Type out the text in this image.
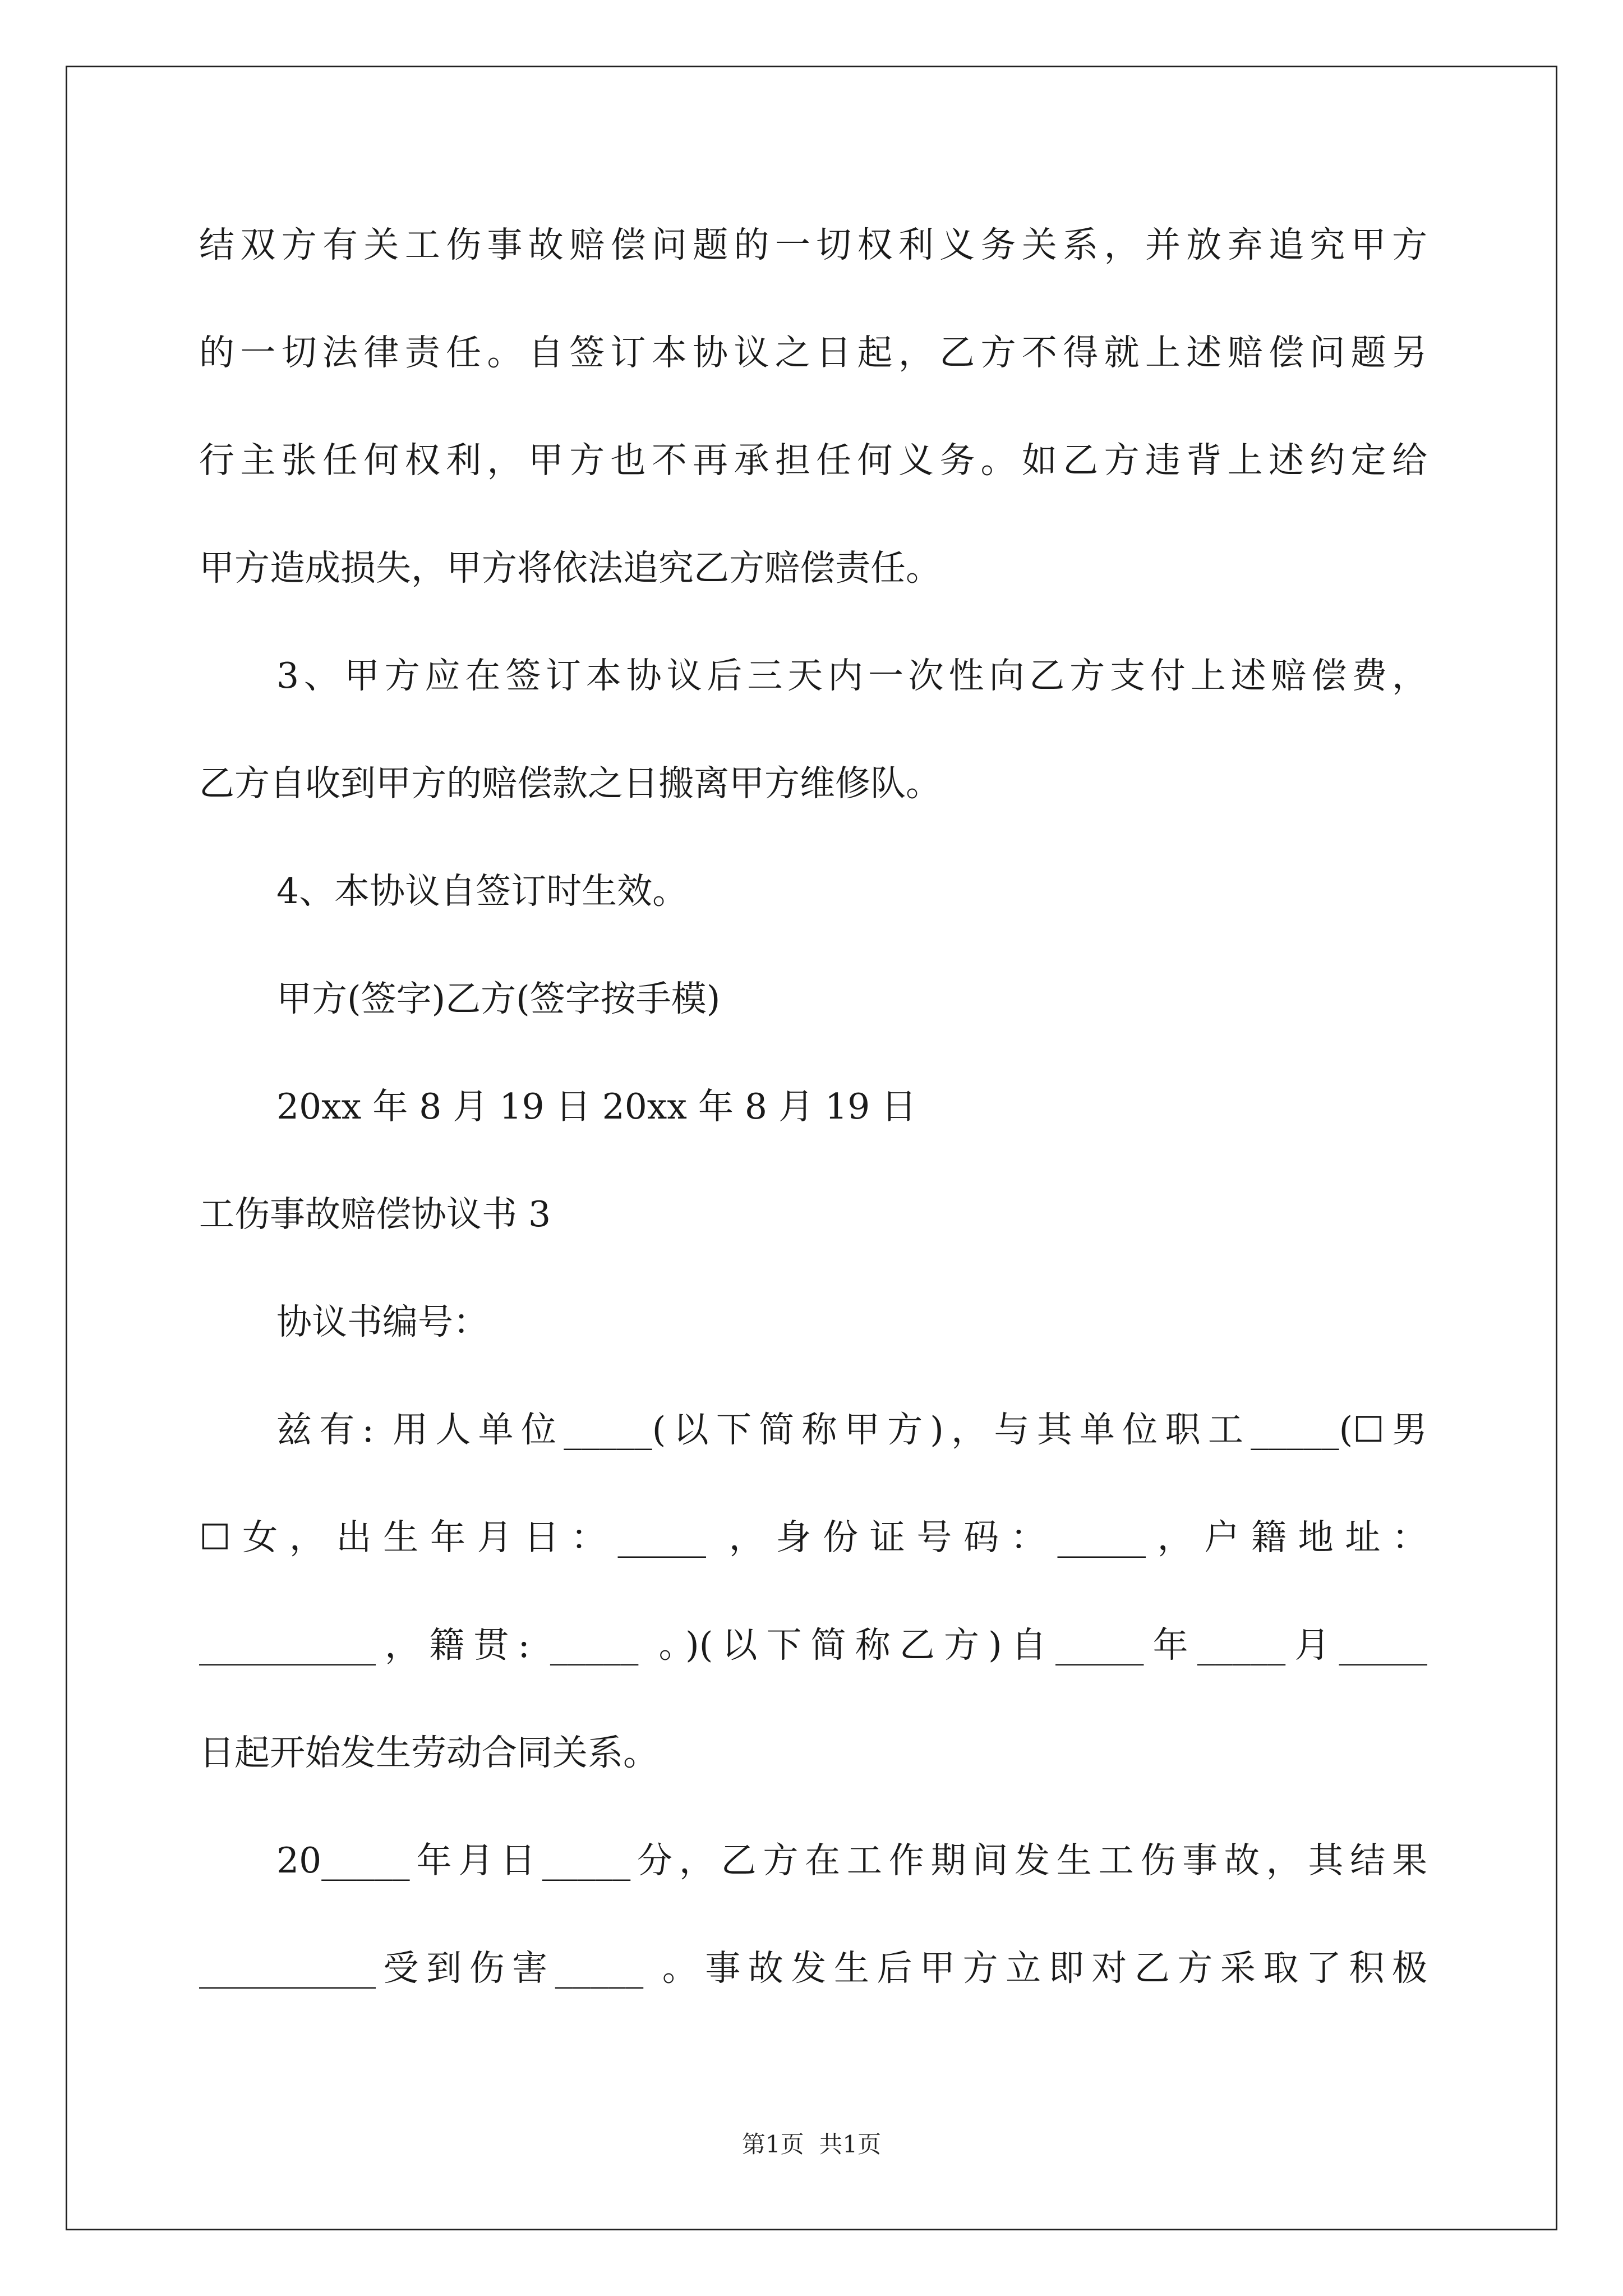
结双方有关工伤事故赔偿问题的一切权利义务关系，并放弃追究甲方
的一切法律责任。自签订本协议之日起，乙方不得就上述赔偿问题另
行主张任何权利，甲方也不再承担任何义务。如乙方违背上述约定给
甲方造成损失，甲方将依法追究乙方赔偿责任。
3、甲方应在签订本协议后三天内一次性向乙方支付上述赔偿费，
乙方自收到甲方的赔偿款之日搬离甲方维修队。
4、本协议自签订时生效。
甲方(签字)乙方(签字按手模)
20xx 年 8 月 19 日 20xx 年 8 月 19 日
工伤事故赔偿协议书 3
协议书编号：
兹有: 用人单位_____(以下简称甲方)，与其单位职工_____(☐男
☐女，出生年月日：_____ ，身份证号码：_____，户籍地址：
__________，籍贯: _____ 。)(以下简称乙方)自_____年_____月_____
日起开始发生劳动合同关系。
20_____年月日_____分，乙方在工作期间发生工伤事故，其结果
__________受到伤害_____ 。事故发生后甲方立即对乙方采取了积极
第1页  共1页
